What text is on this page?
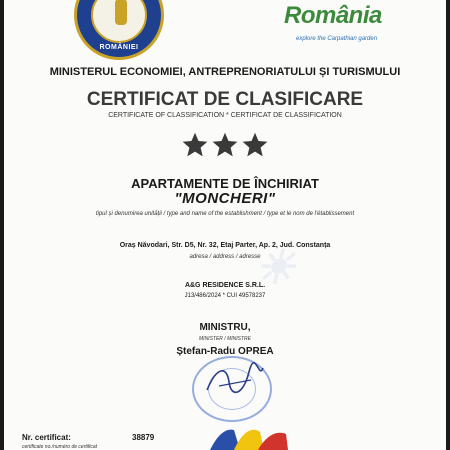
☀
ROMÂNIEI
România
explore the Carpathian garden
MINISTERUL ECONOMIEI, ANTREPRENORIATULUI ȘI TURISMULUI
CERTIFICAT DE CLASIFICARE
CERTIFICATE OF CLASSIFICATION * CERTIFICAT DE CLASSIFICATION
APARTAMENTE DE ÎNCHIRIAT
"MONCHERI"
tipul și denumirea unității / type and name of the establishment / type et le nom de l'établissement
Oraș Năvodari, Str. D5, Nr. 32, Etaj Parter, Ap. 2, Jud. Constanța
adresa / address / adresse
A&G RESIDENCE S.R.L.
J13/486/2024 * CUI 49578237
MINISTRU,
MINISTER / MINISTRE
Ștefan-Radu OPREA
Nr. certificat:	38879
certificate no./numéro de certificat
